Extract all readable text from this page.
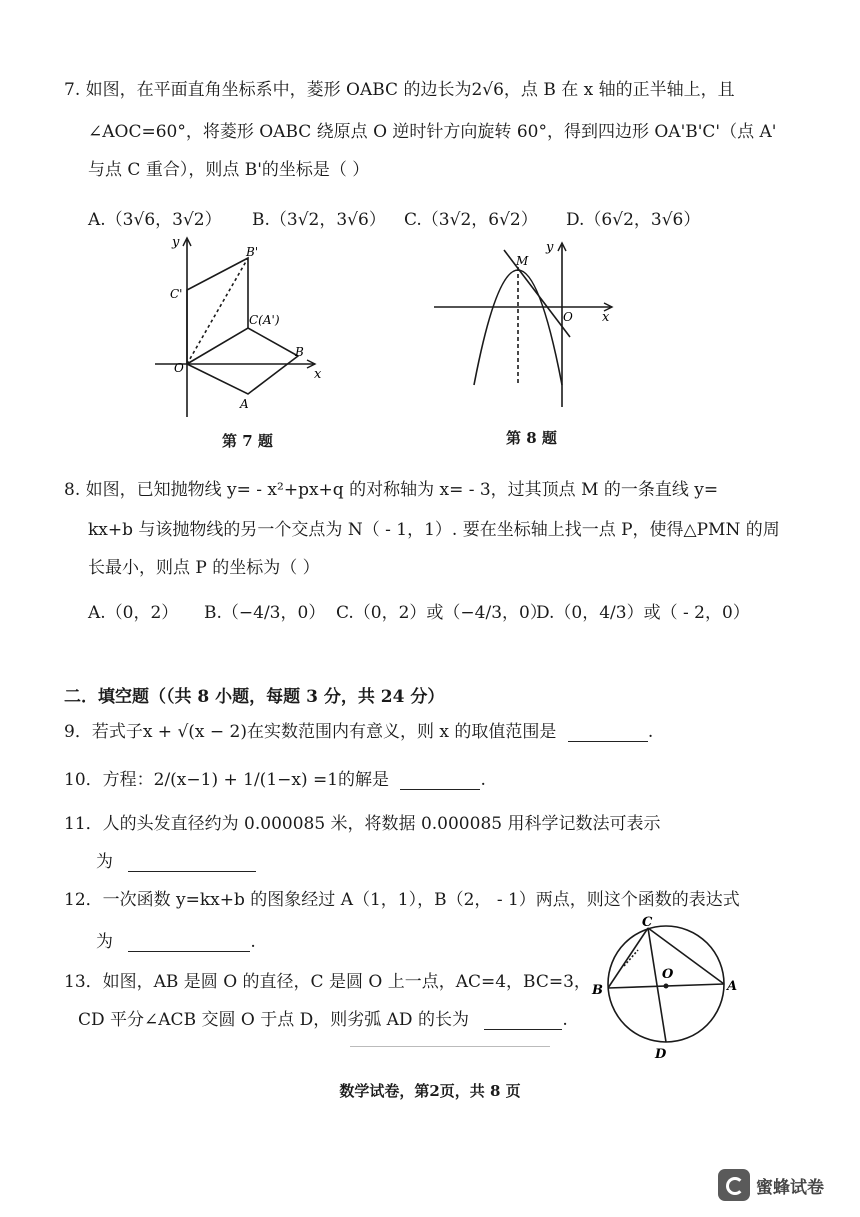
7. 如图，在平面直角坐标系中，菱形 OABC 的边长为2√6，点 B 在 x 轴的正半轴上，且
∠AOC=60°，将菱形 OABC 绕原点 O 逆时针方向旋转 60°，得到四边形 OA'B'C'（点 A'
与点 C 重合），则点 B'的坐标是（ ）
A.（3√6，3√2） B.（3√2，3√6） C.（3√2，6√2） D.（6√2，3√6）
y
x
O
A
B
C(A')
B'
C'
第 7 题
y
x
O
M
第 8 题
8. 如图，已知抛物线 y= - x²+px+q 的对称轴为 x= - 3，过其顶点 M 的一条直线 y=
kx+b 与该抛物线的另一个交点为 N（ - 1，1）. 要在坐标轴上找一点 P，使得△PMN 的周
长最小，则点 P 的坐标为（ ）
A.（0，2） B.（−4/3，0） C.（0，2）或（−4/3，0）
D.（0，4/3）或（ - 2，0）
二．填空题（（共 8 小题，每题 3 分，共 24 分）
9．若式子x + √(x − 2)在实数范围内有意义，则 x 的取值范围是	.
10．方程：2/(x−1) + 1/(1−x) =1的解是	.
11．人的头发直径约为 0.000085 米，将数据 0.000085 用科学记数法可表示
为
12．一次函数 y=kx+b 的图象经过 A（1，1），B（2， - 1）两点，则这个函数的表达式
为	.
13．如图，AB 是圆 O 的直径，C 是圆 O 上一点，AC=4，BC=3，
CD 平分∠ACB 交圆 O 于点 D，则劣弧 AD 的长为	.
C
O
B	A
D
数学试卷，第2页，共 8 页
蜜蜂试卷
